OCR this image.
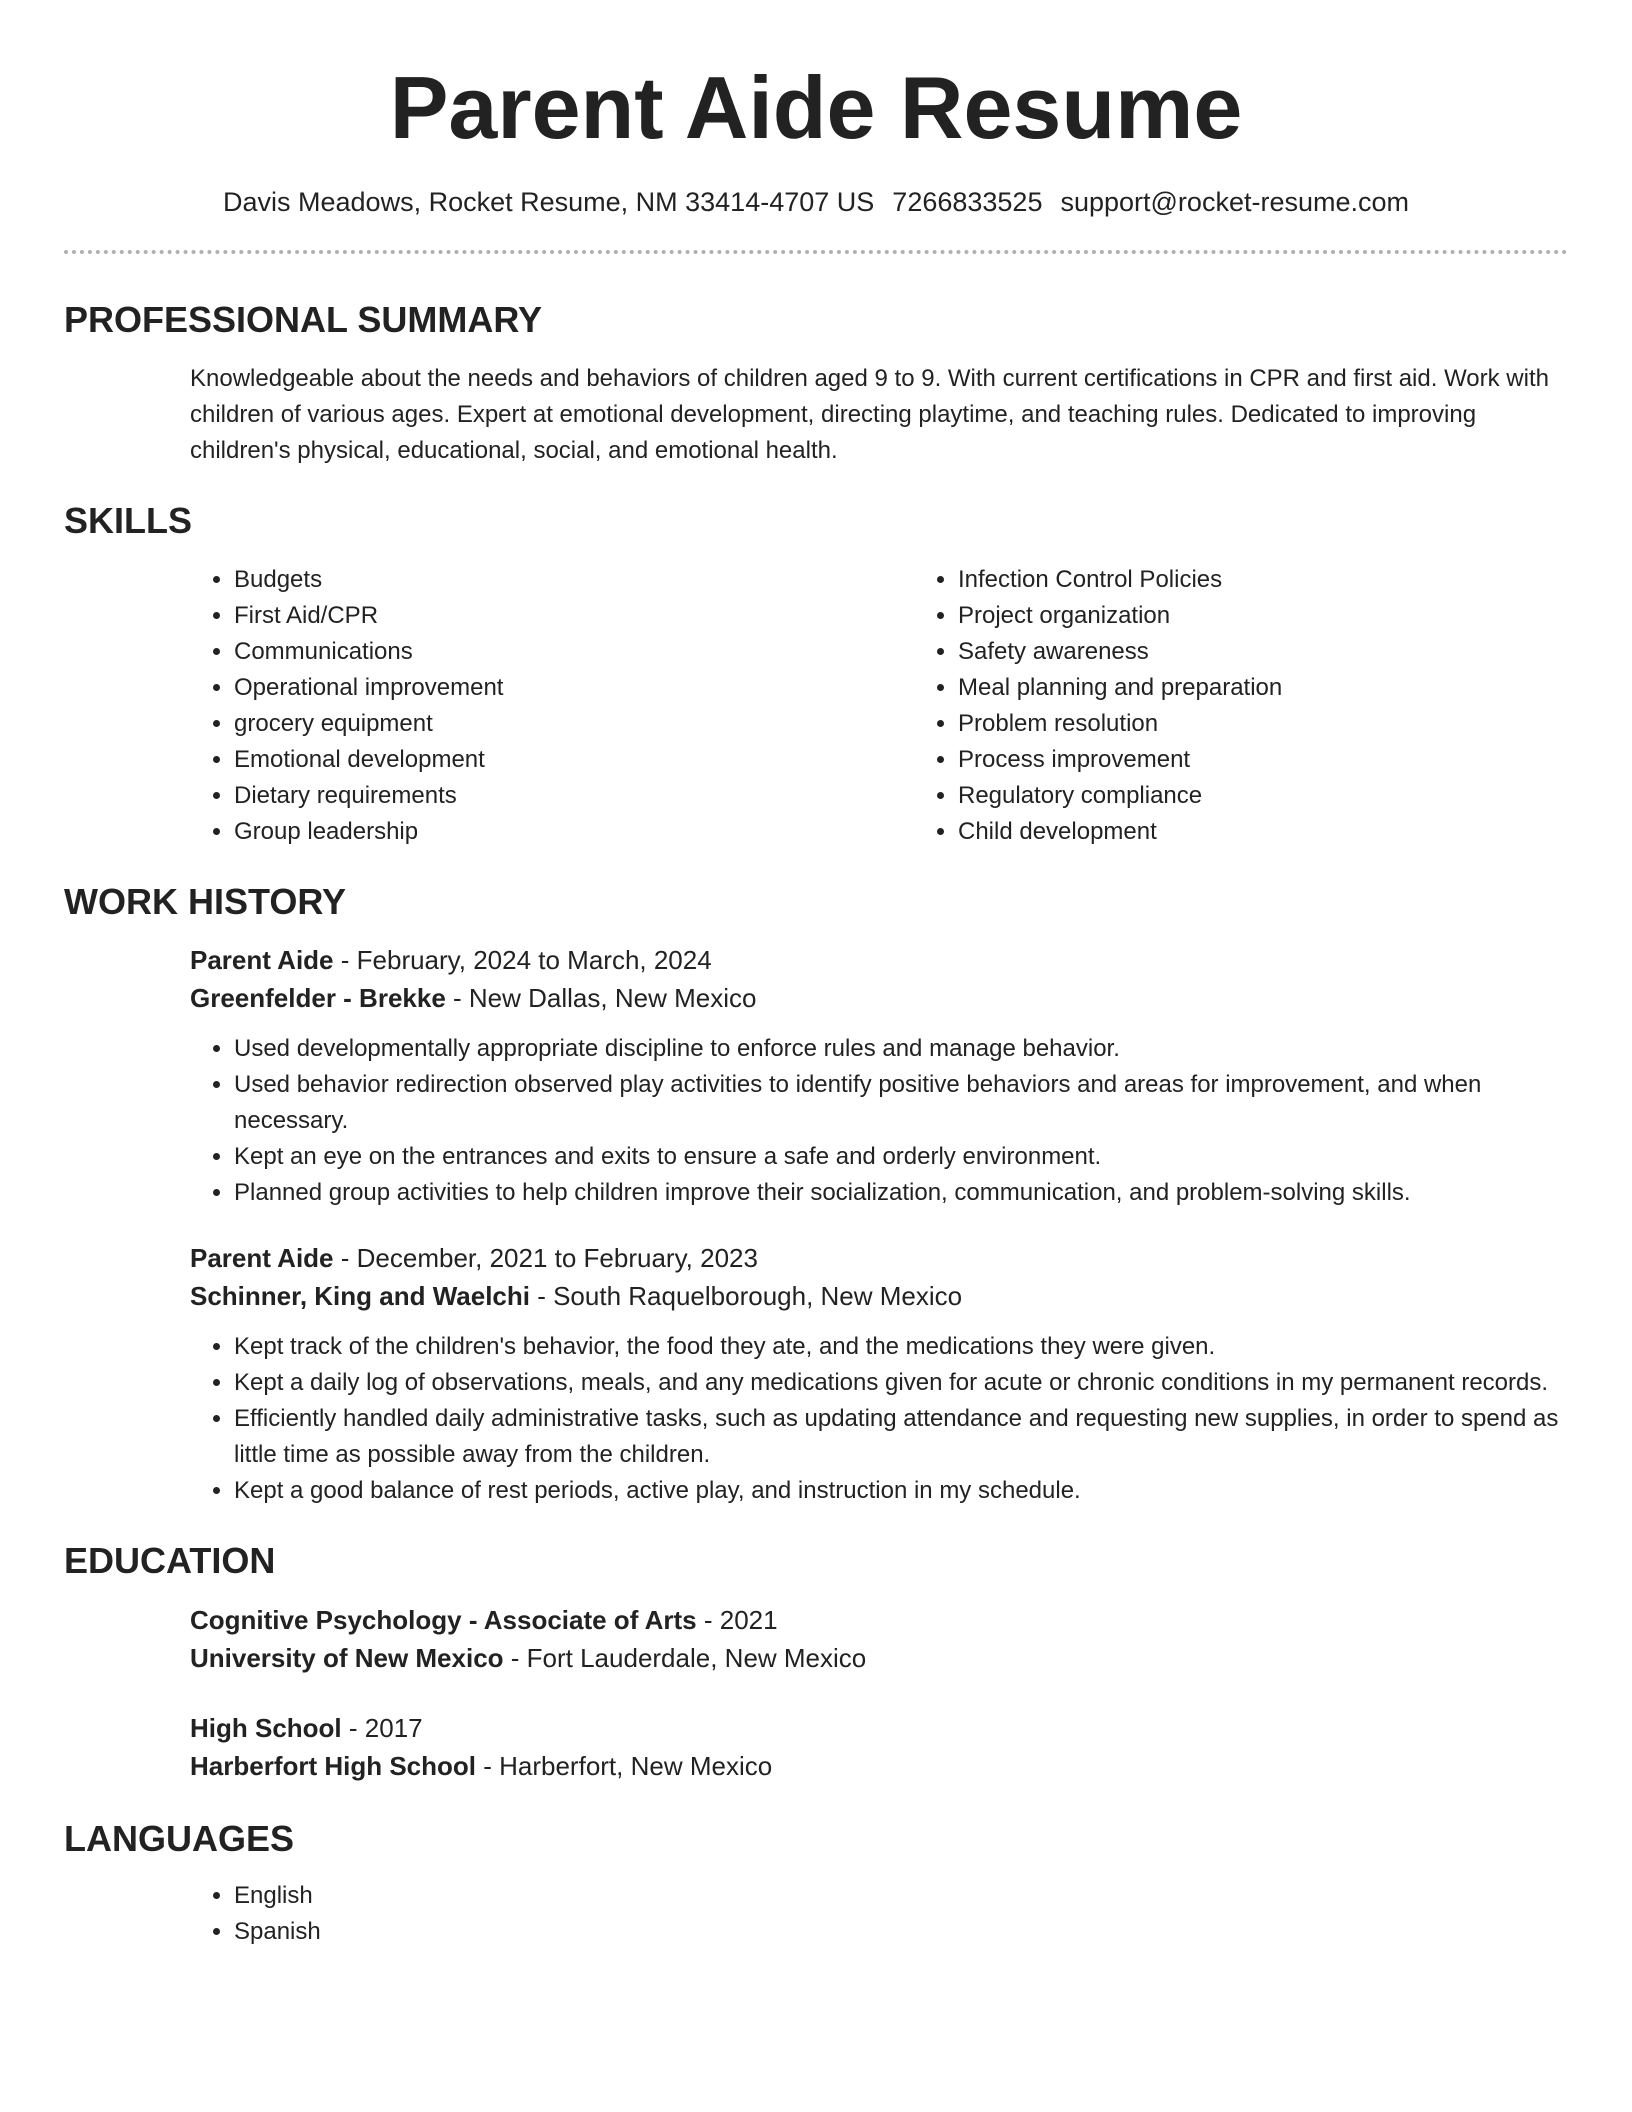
Parent Aide Resume
Davis Meadows, Rocket Resume, NM 33414-4707 US 7266833525 support@rocket-resume.com
PROFESSIONAL SUMMARY

Knowledgeable about the needs and behaviors of children aged 9 to 9. With current certifications in CPR and first aid. Work with children of various ages. Expert at emotional development, directing playtime, and teaching rules. Dedicated to improving children's physical, educational, social, and emotional health.

SKILLS
• Budgets
• First Aid/CPR
• Communications
• Operational improvement
• grocery equipment
• Emotional development
• Dietary requirements
• Group leadership
• Infection Control Policies
• Project organization
• Safety awareness
• Meal planning and preparation
• Problem resolution
• Process improvement
• Regulatory compliance
• Child development
WORK HISTORY
Parent Aide - February, 2024 to March, 2024
Greenfelder - Brekke - New Dallas, New Mexico
• Used developmentally appropriate discipline to enforce rules and manage behavior.
• Used behavior redirection observed play activities to identify positive behaviors and areas for improvement, and when necessary.
• Kept an eye on the entrances and exits to ensure a safe and orderly environment.
• Planned group activities to help children improve their socialization, communication, and problem-solving skills.
Parent Aide - December, 2021 to February, 2023
Schinner, King and Waelchi - South Raquelborough, New Mexico
• Kept track of the children's behavior, the food they ate, and the medications they were given.
• Kept a daily log of observations, meals, and any medications given for acute or chronic conditions in my permanent records.
• Efficiently handled daily administrative tasks, such as updating attendance and requesting new supplies, in order to spend as little time as possible away from the children.
• Kept a good balance of rest periods, active play, and instruction in my schedule.
EDUCATION
Cognitive Psychology - Associate of Arts - 2021
University of New Mexico - Fort Lauderdale, New Mexico
High School - 2017
Harberfort High School - Harberfort, New Mexico
LANGUAGES
• English
• Spanish
